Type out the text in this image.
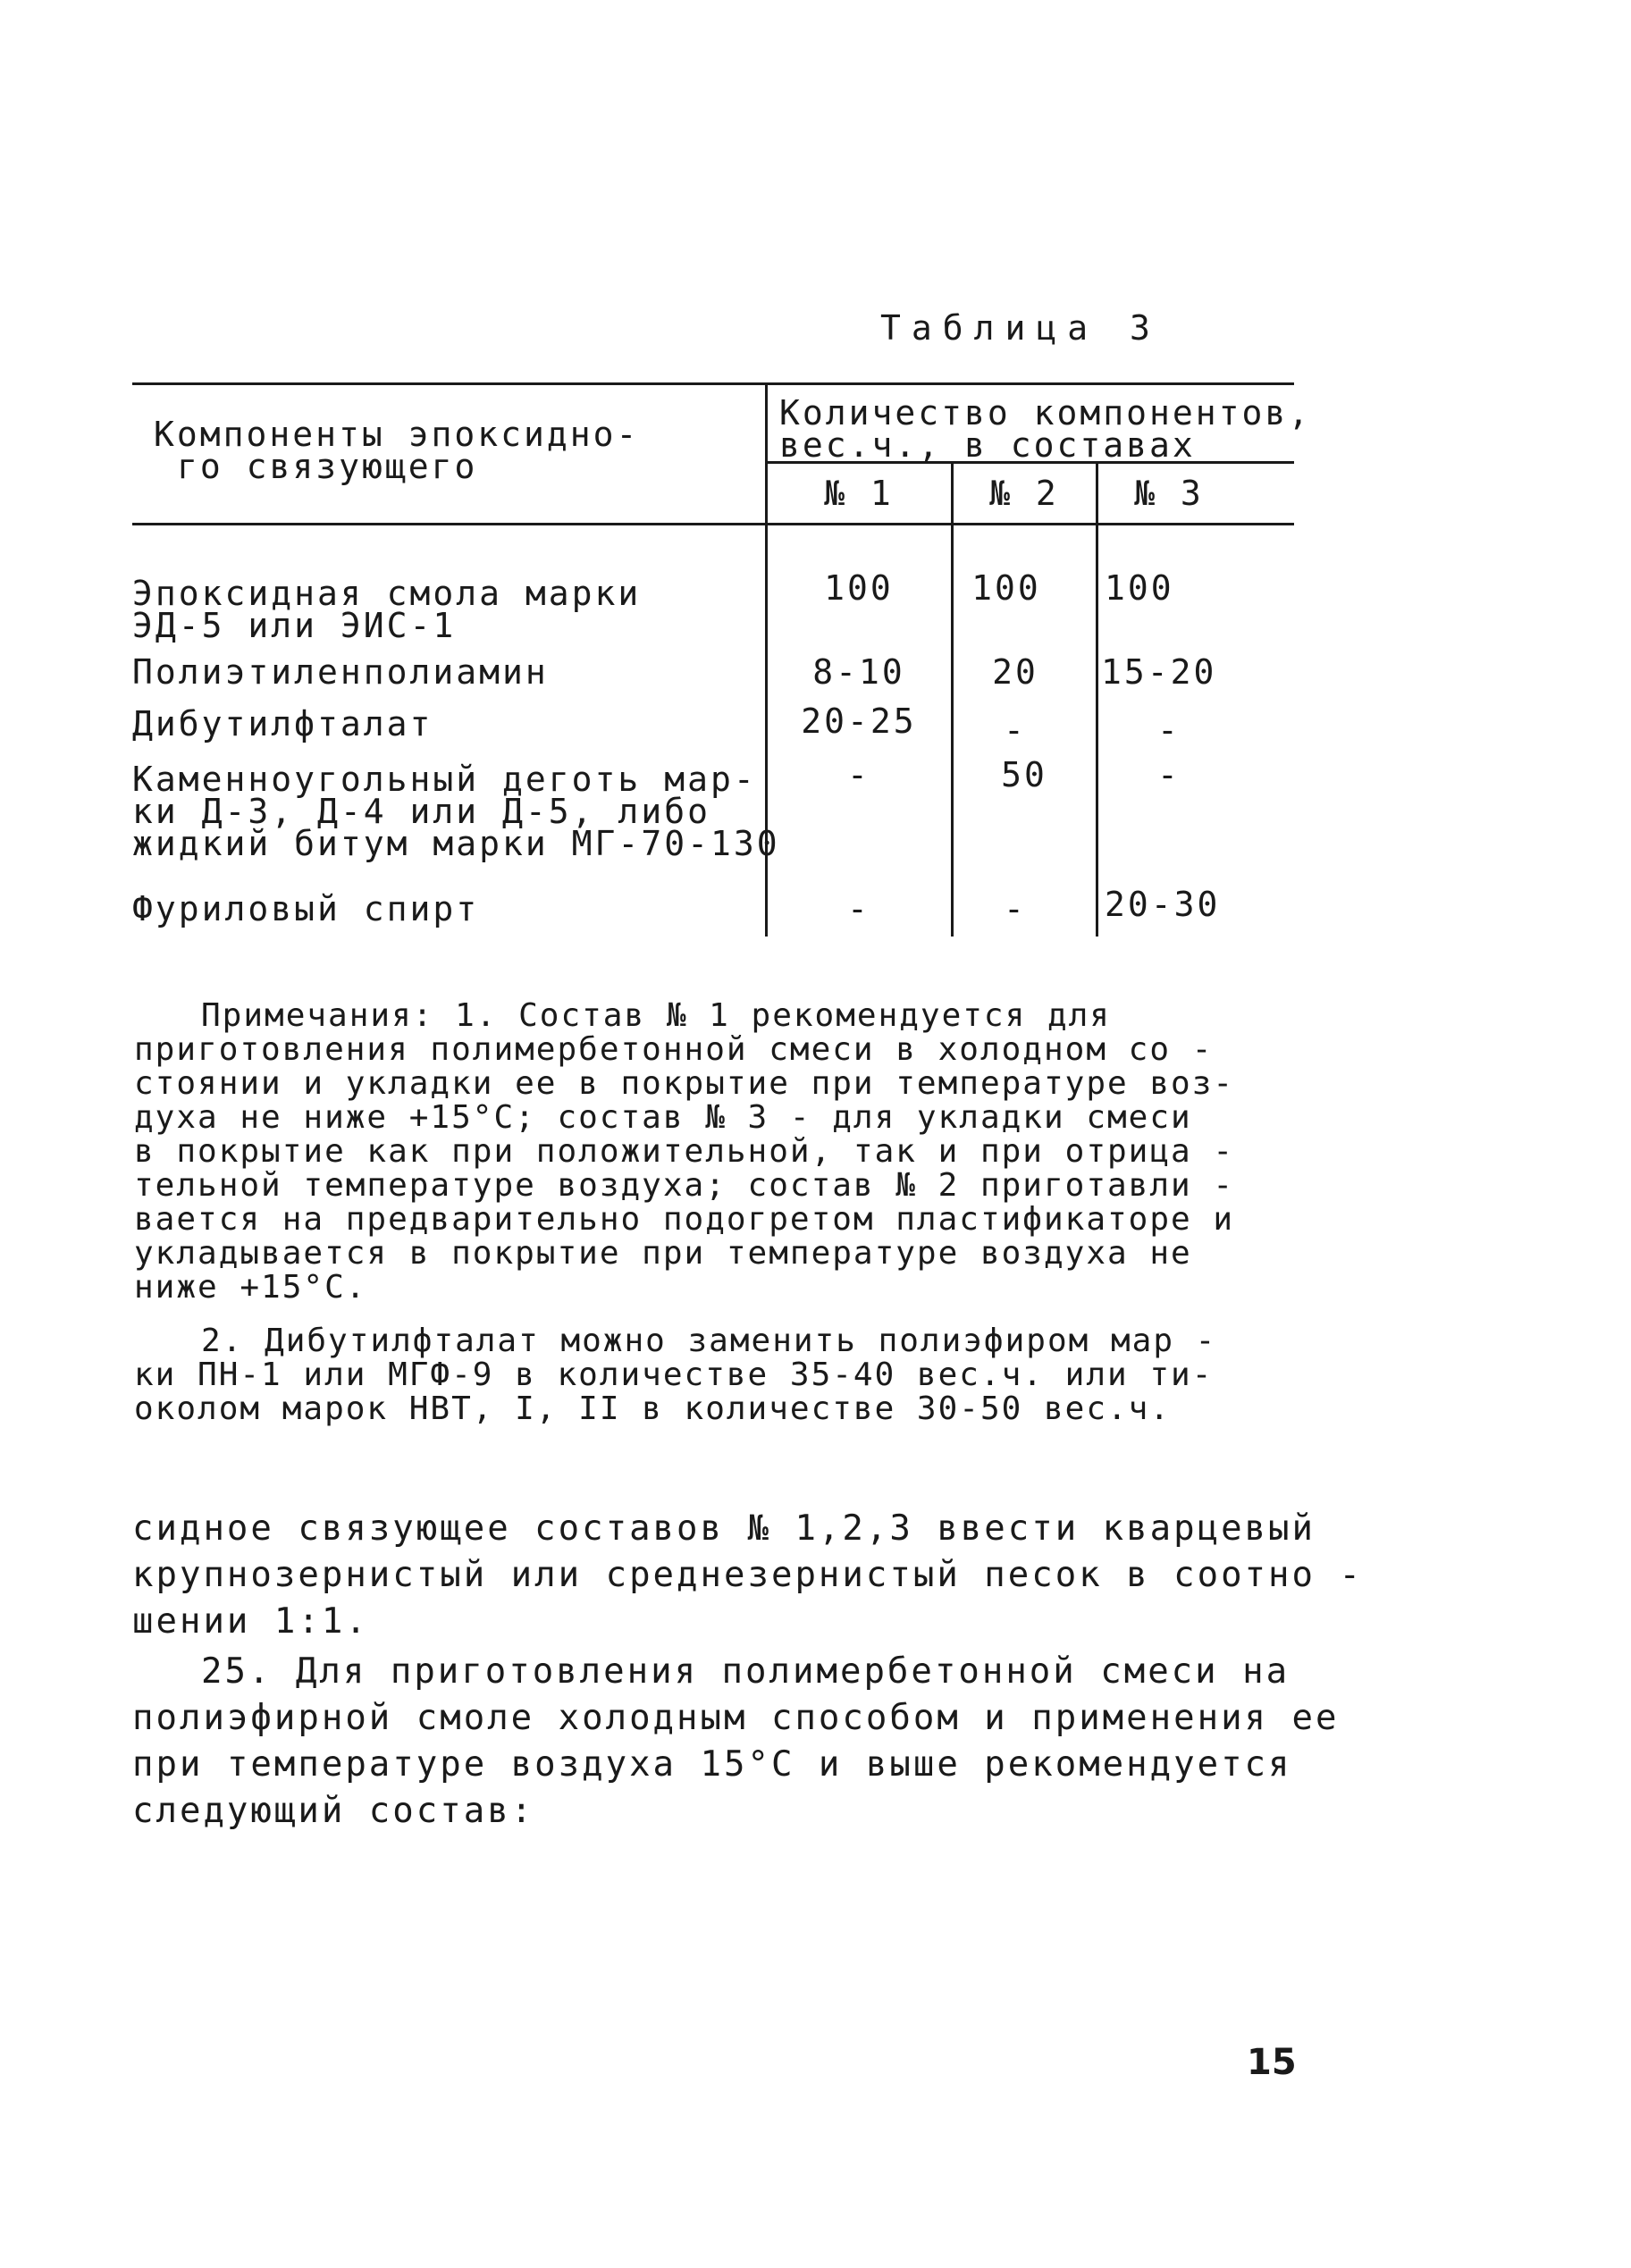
Таблица 3
Компоненты эпоксидно-
го связующего
Количество компонентов,
вес.ч., в составах
№ 1	№ 2	№ 3
Эпоксидная смола марки
ЭД-5 или ЭИС-1
100	100	100
Полиэтиленполиамин	8-10	20	15-20
Дибутилфталат	20-25	-	-
Каменноугольный деготь мар-
ки Д-3, Д-4 или Д-5, либо
жидкий битум марки МГ-70-130
-	50	-
Фуриловый спирт	-	-	20-30
Примечания: 1. Состав № 1 рекомендуется для
приготовления полимербетонной смеси в холодном со -
стоянии и укладки ее в покрытие при температуре воз-
духа не ниже +15°С; состав № 3 - для укладки смеси
в покрытие как при положительной, так и при отрица -
тельной температуре воздуха; состав № 2 приготавли -
вается на предварительно подогретом пластификаторе и
укладывается в покрытие при температуре воздуха не
ниже +15°С.
2. Дибутилфталат можно заменить полиэфиром мар -
ки ПН-1 или МГФ-9 в количестве 35-40 вес.ч. или ти-
околом марок НВТ, I, II в количестве 30-50 вес.ч.
сидное связующее составов № 1,2,3 ввести кварцевый
крупнозернистый или среднезернистый песок в соотно -
шении 1:1.
25. Для приготовления полимербетонной смеси на
полиэфирной смоле холодным способом и применения ее
при температуре воздуха 15°С и выше рекомендуется
следующий состав:
15
